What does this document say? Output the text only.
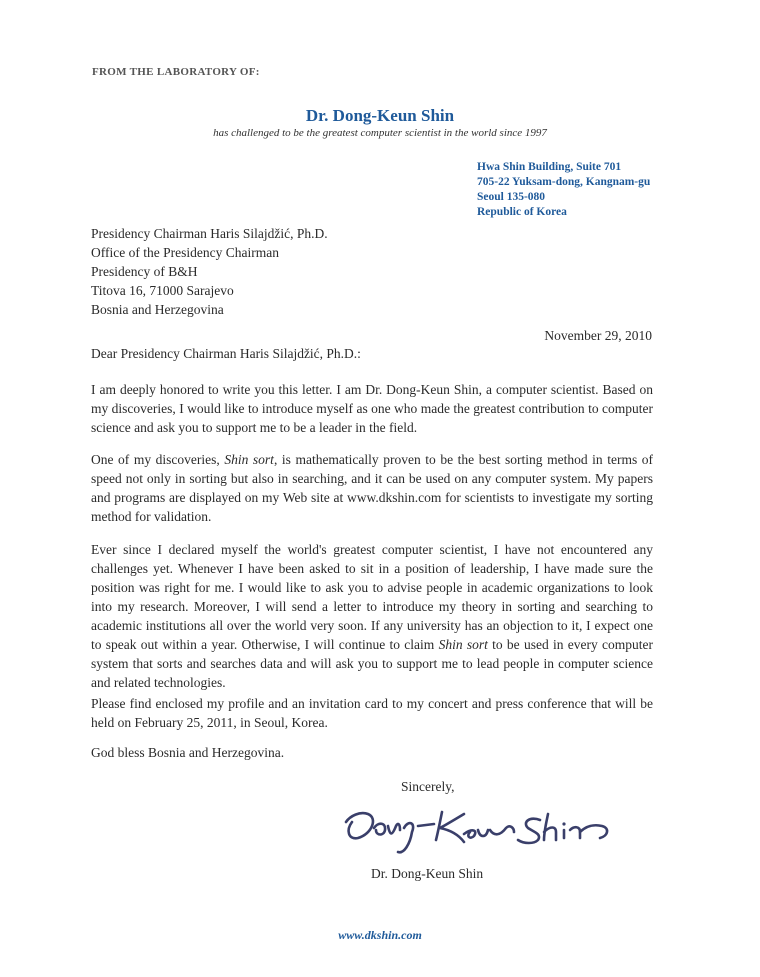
FROM THE LABORATORY OF:
Dr. Dong-Keun Shin
has challenged to be the greatest computer scientist in the world since 1997
Hwa Shin Building, Suite 701
705-22 Yuksam-dong, Kangnam-gu
Seoul 135-080
Republic of Korea
Presidency Chairman Haris Silajdžić, Ph.D.
Office of the Presidency Chairman
Presidency of B&H
Titova 16, 71000 Sarajevo
Bosnia and Herzegovina
November 29, 2010
Dear Presidency Chairman Haris Silajdžić, Ph.D.:

I am deeply honored to write you this letter. I am Dr. Dong-Keun Shin, a computer scientist. Based on my discoveries, I would like to introduce myself as one who made the greatest contribution to computer science and ask you to support me to be a leader in the field.

One of my discoveries, Shin sort, is mathematically proven to be the best sorting method in terms of speed not only in sorting but also in searching, and it can be used on any computer system. My papers and programs are displayed on my Web site at www.dkshin.com for scientists to investigate my sorting method for validation.

Ever since I declared myself the world's greatest computer scientist, I have not encountered any challenges yet. Whenever I have been asked to sit in a position of leadership, I have made sure the position was right for me. I would like to ask you to advise people in academic organizations to look into my research. Moreover, I will send a letter to introduce my theory in sorting and searching to academic institutions all over the world very soon. If any university has an objection to it, I expect one to speak out within a year. Otherwise, I will continue to claim Shin sort to be used in every computer system that sorts and searches data and will ask you to support me to lead people in computer science and related technologies.

Please find enclosed my profile and an invitation card to my concert and press conference that will be held on February 25, 2011, in Seoul, Korea.

God bless Bosnia and Herzegovina.
Sincerely,
Dr. Dong-Keun Shin
www.dkshin.com
